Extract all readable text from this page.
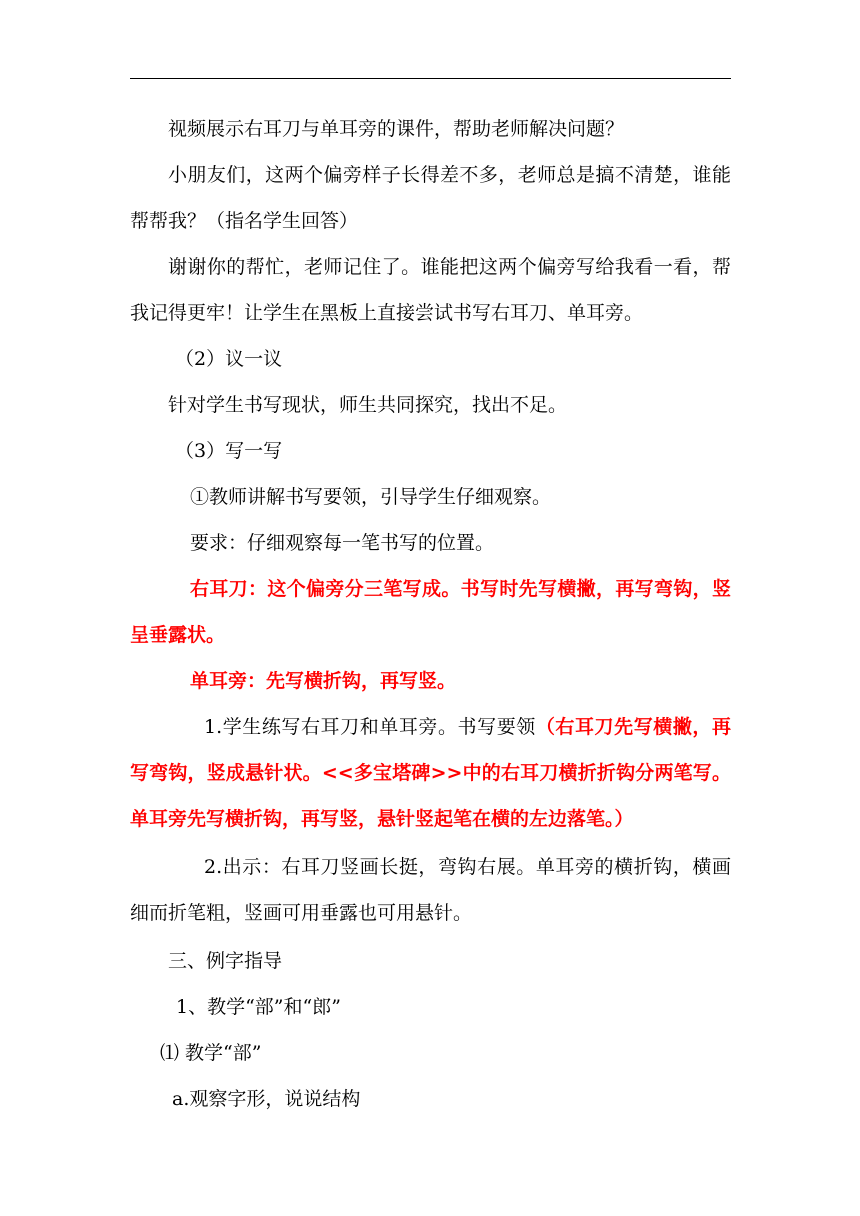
视频展示右耳刀与单耳旁的课件，帮助老师解决问题？

小朋友们，这两个偏旁样子长得差不多，老师总是搞不清楚，谁能帮帮我？（指名学生回答）

谢谢你的帮忙，老师记住了。谁能把这两个偏旁写给我看一看，帮我记得更牢！让学生在黑板上直接尝试书写右耳刀、单耳旁。

（2）议一议

针对学生书写现状，师生共同探究，找出不足。

（3）写一写

①教师讲解书写要领，引导学生仔细观察。

要求：仔细观察每一笔书写的位置。

右耳刀：这个偏旁分三笔写成。书写时先写横撇，再写弯钩，竖呈垂露状。

单耳旁：先写横折钩，再写竖。

1.学生练写右耳刀和单耳旁。书写要领（右耳刀先写横撇，再写弯钩，竖成悬针状。<<多宝塔碑>>中的右耳刀横折折钩分两笔写。单耳旁先写横折钩，再写竖，悬针竖起笔在横的左边落笔。）

2.出示：右耳刀竖画长挺，弯钩右展。单耳旁的横折钩，横画细而折笔粗，竖画可用垂露也可用悬针。

三、例字指导

1、教学“部”和“郎”

⑴ 教学“部”

a.观察字形，说说结构
